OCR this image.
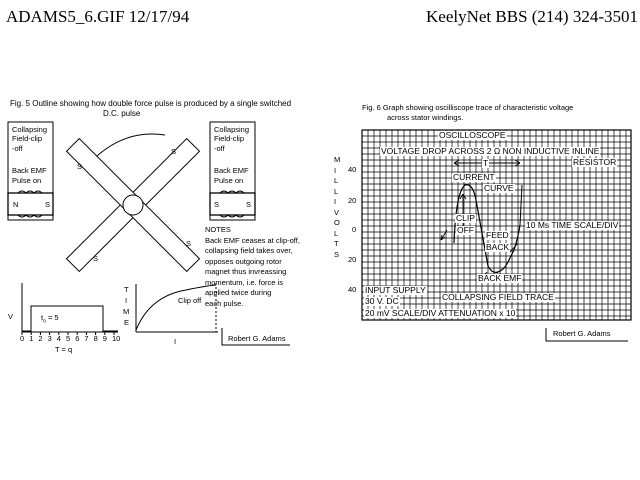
ADAMS5_6.GIF 12/17/94	KeelyNet BBS (214) 324-3501
Fig. 5 Outline showing how double force pulse is produced by a single switched
D.C. pulse
Collapsing
Field-clip
-off
Back EMF
Pulse on
N	S
Collapsing
Field-clip
-off
Back EMF
Pulse on
S	S
S
S
S
S
NOTES
Back EMF ceases at clip-off,
collapsing field takes over,
opposes outgoing rotor
magnet thus invreassing
momentum, i.e. force is
applied twice during
each pulse.
V	$t_o = 5$
0 1 2 3 4 5 6 7 8 9 10
T = q
T
I
M
E
I
Clip off
Robert G. Adams
Fig. 6 Graph showing oscilliscope trace of characteristic voltage
across stator windings.
OSCILLOSCOPE
VOLTAGE DROP ACROSS 2 Ω NON INDUCTIVE INLINE
RESISTOR
T
CURRENT
CURVE
CLIP
OFF FEED
BACK
BACK EMF
10 Ms TIME SCALE/DIV
INPUT SUPPLY
30 V. DC	COLLAPSING FIELD TRACE
20 mV SCALE/DIV ATTENUATION x 10
M
I
L
L
I
V
O
L
T
S
40
20
0
20
40
Robert G. Adams
